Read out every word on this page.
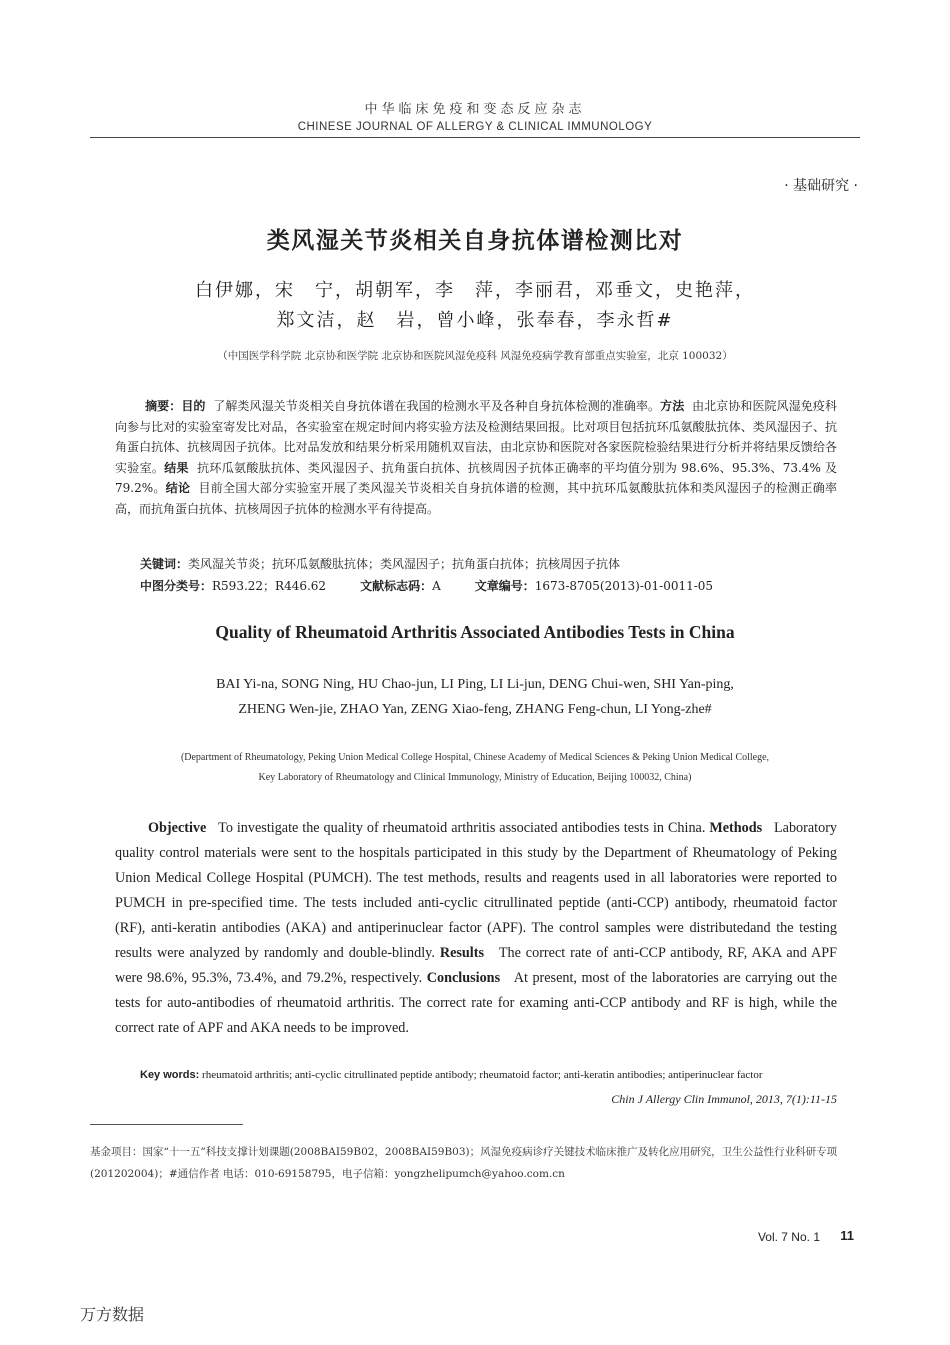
中华临床免疫和变态反应杂志
CHINESE JOURNAL OF ALLERGY & CLINICAL IMMUNOLOGY
· 基础研究 ·
类风湿关节炎相关自身抗体谱检测比对
白伊娜，宋　宁，胡朝军，李　萍，李丽君，邓垂文，史艳萍，
郑文洁，赵　岩，曾小峰，张奉春，李永哲#
（中国医学科学院 北京协和医学院 北京协和医院风湿免疫科 风湿免疫病学教育部重点实验室，北京 100032）
摘要：目的 了解类风湿关节炎相关自身抗体谱在我国的检测水平及各种自身抗体检测的准确率。方法 由北京协和医院风湿免疫科向参与比对的实验室寄发比对品，各实验室在规定时间内将实验方法及检测结果回报。比对项目包括抗环瓜氨酸肽抗体、类风湿因子、抗角蛋白抗体、抗核周因子抗体。比对品发放和结果分析采用随机双盲法，由北京协和医院对各家医院检验结果进行分析并将结果反馈给各实验室。结果 抗环瓜氨酸肽抗体、类风湿因子、抗角蛋白抗体、抗核周因子抗体正确率的平均值分别为 98.6%、95.3%、73.4% 及 79.2%。结论 目前全国大部分实验室开展了类风湿关节炎相关自身抗体谱的检测，其中抗环瓜氨酸肽抗体和类风湿因子的检测正确率高，而抗角蛋白抗体、抗核周因子抗体的检测水平有待提高。
关键词：类风湿关节炎；抗环瓜氨酸肽抗体；类风湿因子；抗角蛋白抗体；抗核周因子抗体
中图分类号：R593.22；R446.62	文献标志码：A	文章编号：1673-8705(2013)-01-0011-05
Quality of Rheumatoid Arthritis Associated Antibodies Tests in China
BAI Yi-na, SONG Ning, HU Chao-jun, LI Ping, LI Li-jun, DENG Chui-wen, SHI Yan-ping,
ZHENG Wen-jie, ZHAO Yan, ZENG Xiao-feng, ZHANG Feng-chun, LI Yong-zhe#
(Department of Rheumatology, Peking Union Medical College Hospital, Chinese Academy of Medical Sciences & Peking Union Medical College,
Key Laboratory of Rheumatology and Clinical Immunology, Ministry of Education, Beijing 100032, China)
Objective To investigate the quality of rheumatoid arthritis associated antibodies tests in China. Methods Laboratory quality control materials were sent to the hospitals participated in this study by the Department of Rheumatology of Peking Union Medical College Hospital (PUMCH). The test methods, results and reagents used in all laboratories were reported to PUMCH in pre-specified time. The tests included anti-cyclic citrullinated peptide (anti-CCP) antibody, rheumatoid factor (RF), anti-keratin antibodies (AKA) and antiperinuclear factor (APF). The control samples were distributedand the testing results were analyzed by randomly and double-blindly. Results The correct rate of anti-CCP antibody, RF, AKA and APF were 98.6%, 95.3%, 73.4%, and 79.2%, respectively. Conclusions At present, most of the laboratories are carrying out the tests for auto-antibodies of rheumatoid arthritis. The correct rate for examing anti-CCP antibody and RF is high, while the correct rate of APF and AKA needs to be improved.
Key words: rheumatoid arthritis; anti-cyclic citrullinated peptide antibody; rheumatoid factor; anti-keratin antibodies; antiperinuclear factor
Chin J Allergy Clin Immunol, 2013, 7(1):11-15
基金项目：国家“十一五”科技支撑计划课题(2008BAI59B02，2008BAI59B03)；风湿免疫病诊疗关键技术临床推广及转化应用研究，卫生公益性行业科研专项(201202004)；#通信作者 电话：010-69158795，电子信箱：yongzhelipumch@yahoo.com.cn
Vol. 7 No. 1 11
万方数据
